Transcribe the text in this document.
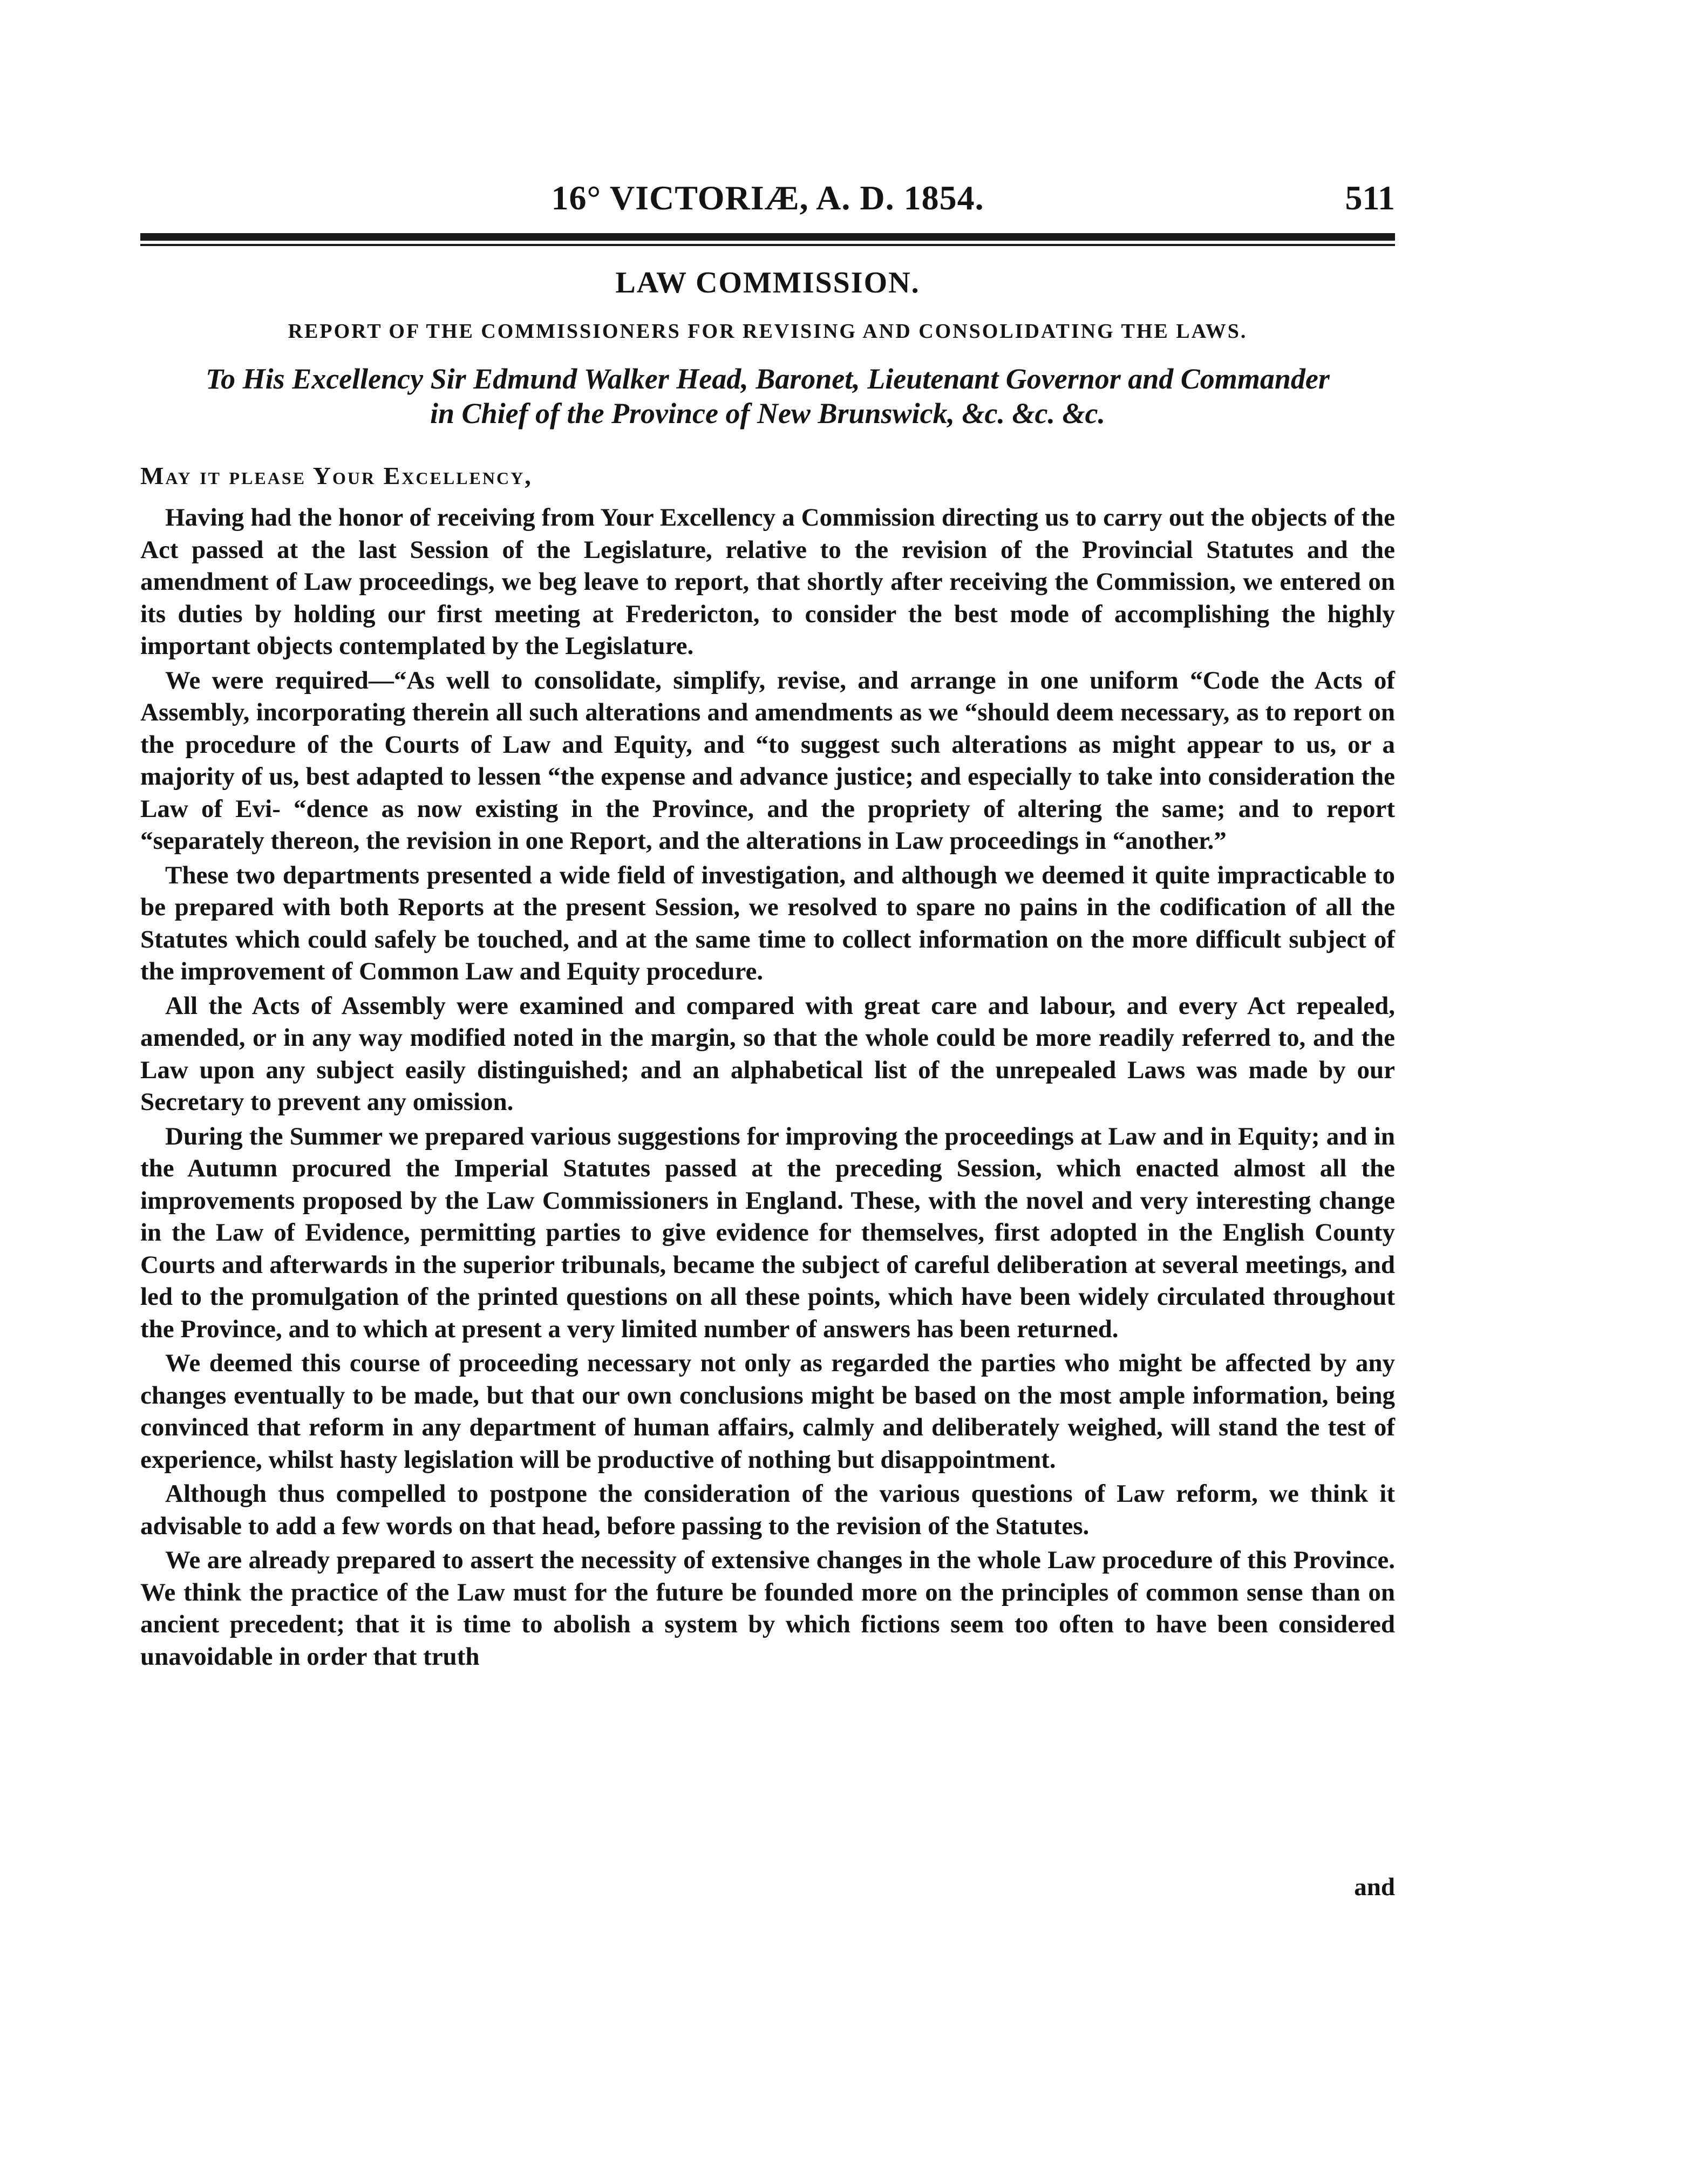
16° VICTORIÆ, A. D. 1854.	511
LAW COMMISSION.
REPORT OF THE COMMISSIONERS FOR REVISING AND CONSOLIDATING THE LAWS.
To His Excellency Sir Edmund Walker Head, Baronet, Lieutenant Governor and Commander
in Chief of the Province of New Brunswick, &c. &c. &c.
May it please Your Excellency,

Having had the honor of receiving from Your Excellency a Commission directing us to carry out the objects of the Act passed at the last Session of the Legislature, relative to the revision of the Provincial Statutes and the amendment of Law proceedings, we beg leave to report, that shortly after receiving the Commission, we entered on its duties by holding our first meeting at Fredericton, to consider the best mode of accomplishing the highly important objects contemplated by the Legislature.

We were required—“As well to consolidate, simplify, revise, and arrange in one uniform “Code the Acts of Assembly, incorporating therein all such alterations and amendments as we “should deem necessary, as to report on the procedure of the Courts of Law and Equity, and “to suggest such alterations as might appear to us, or a majority of us, best adapted to lessen “the expense and advance justice; and especially to take into consideration the Law of Evi- “dence as now existing in the Province, and the propriety of altering the same; and to report “separately thereon, the revision in one Report, and the alterations in Law proceedings in “another.”

These two departments presented a wide field of investigation, and although we deemed it quite impracticable to be prepared with both Reports at the present Session, we resolved to spare no pains in the codification of all the Statutes which could safely be touched, and at the same time to collect information on the more difficult subject of the improvement of Common Law and Equity procedure.

All the Acts of Assembly were examined and compared with great care and labour, and every Act repealed, amended, or in any way modified noted in the margin, so that the whole could be more readily referred to, and the Law upon any subject easily distinguished; and an alphabetical list of the unrepealed Laws was made by our Secretary to prevent any omission.

During the Summer we prepared various suggestions for improving the proceedings at Law and in Equity; and in the Autumn procured the Imperial Statutes passed at the preceding Session, which enacted almost all the improvements proposed by the Law Commissioners in England. These, with the novel and very interesting change in the Law of Evidence, permitting parties to give evidence for themselves, first adopted in the English County Courts and afterwards in the superior tribunals, became the subject of careful deliberation at several meetings, and led to the promulgation of the printed questions on all these points, which have been widely circulated throughout the Province, and to which at present a very limited number of answers has been returned.

We deemed this course of proceeding necessary not only as regarded the parties who might be affected by any changes eventually to be made, but that our own conclusions might be based on the most ample information, being convinced that reform in any department of human affairs, calmly and deliberately weighed, will stand the test of experience, whilst hasty legislation will be productive of nothing but disappointment.

Although thus compelled to postpone the consideration of the various questions of Law reform, we think it advisable to add a few words on that head, before passing to the revision of the Statutes.

We are already prepared to assert the necessity of extensive changes in the whole Law procedure of this Province. We think the practice of the Law must for the future be founded more on the principles of common sense than on ancient precedent; that it is time to abolish a system by which fictions seem too often to have been considered unavoidable in order that truth

and
